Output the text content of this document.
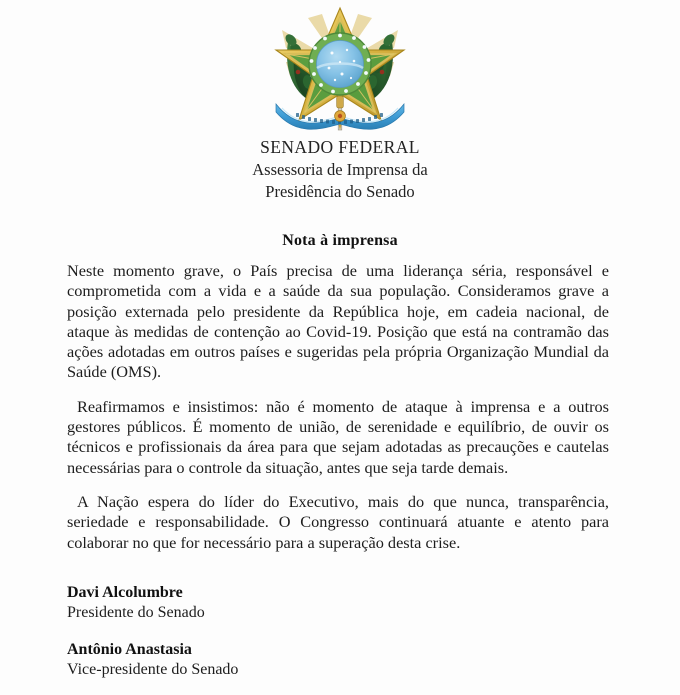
SENADO FEDERAL
Assessoria de Imprensa da
Presidência do Senado
Nota à imprensa

Neste momento grave, o País precisa de uma liderança séria, responsável e comprometida com a vida e a saúde da sua população. Consideramos grave a posição externada pelo presidente da República hoje, em cadeia nacional, de ataque às medidas de contenção ao Covid-19. Posição que está na contramão das ações adotadas em outros países e sugeridas pela própria Organização Mundial da Saúde (OMS).

Reafirmamos e insistimos: não é momento de ataque à imprensa e a outros gestores públicos. É momento de união, de serenidade e equilíbrio, de ouvir os técnicos e profissionais da área para que sejam adotadas as precauções e cautelas necessárias para o controle da situação, antes que seja tarde demais.

A Nação espera do líder do Executivo, mais do que nunca, transparência, seriedade e responsabilidade. O Congresso continuará atuante e atento para colaborar no que for necessário para a superação desta crise.

Davi Alcolumbre
Presidente do Senado
Antônio Anastasia
Vice-presidente do Senado
